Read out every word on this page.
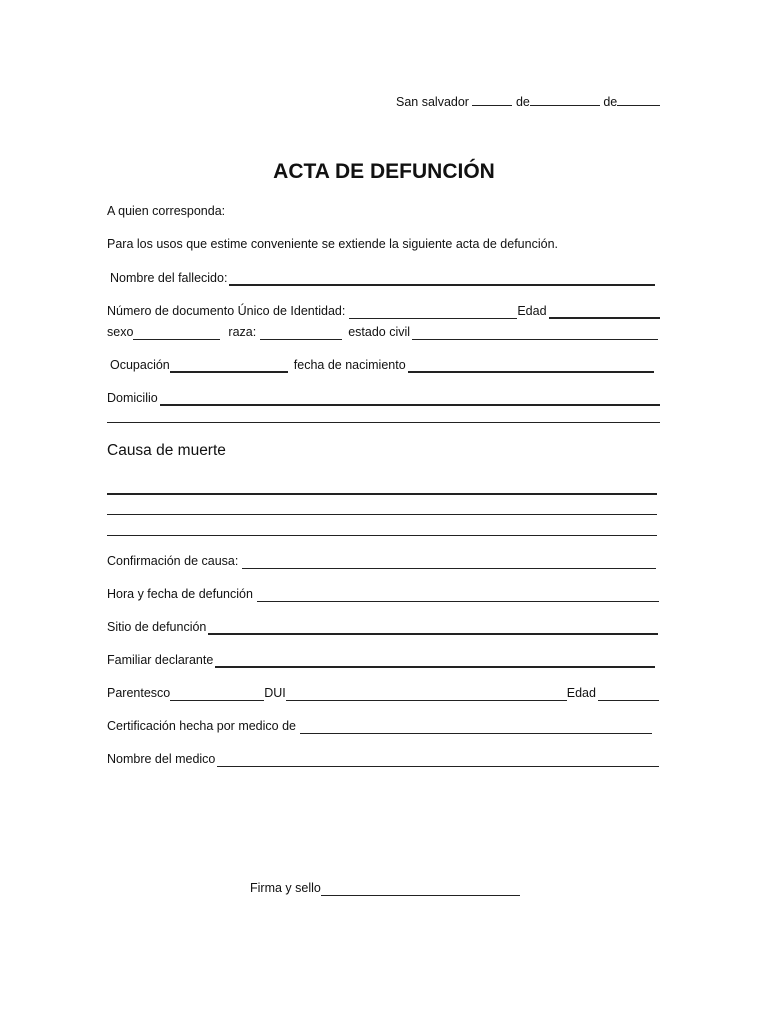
San salvador	de	de
ACTA DE DEFUNCIÓN
A quien corresponda:
Para los usos que estime conveniente se extiende la siguiente acta de defunción.
Nombre del fallecido:
Número de documento Único de Identidad:	Edad
sexo	raza:	estado civil
Ocupación	fecha de nacimiento
Domicilio
Causa de muerte
Confirmación de causa:
Hora y fecha de defunción
Sitio de defunción
Familiar declarante
Parentesco	DUI	Edad
Certificación hecha por medico de
Nombre del medico
Firma y sello
